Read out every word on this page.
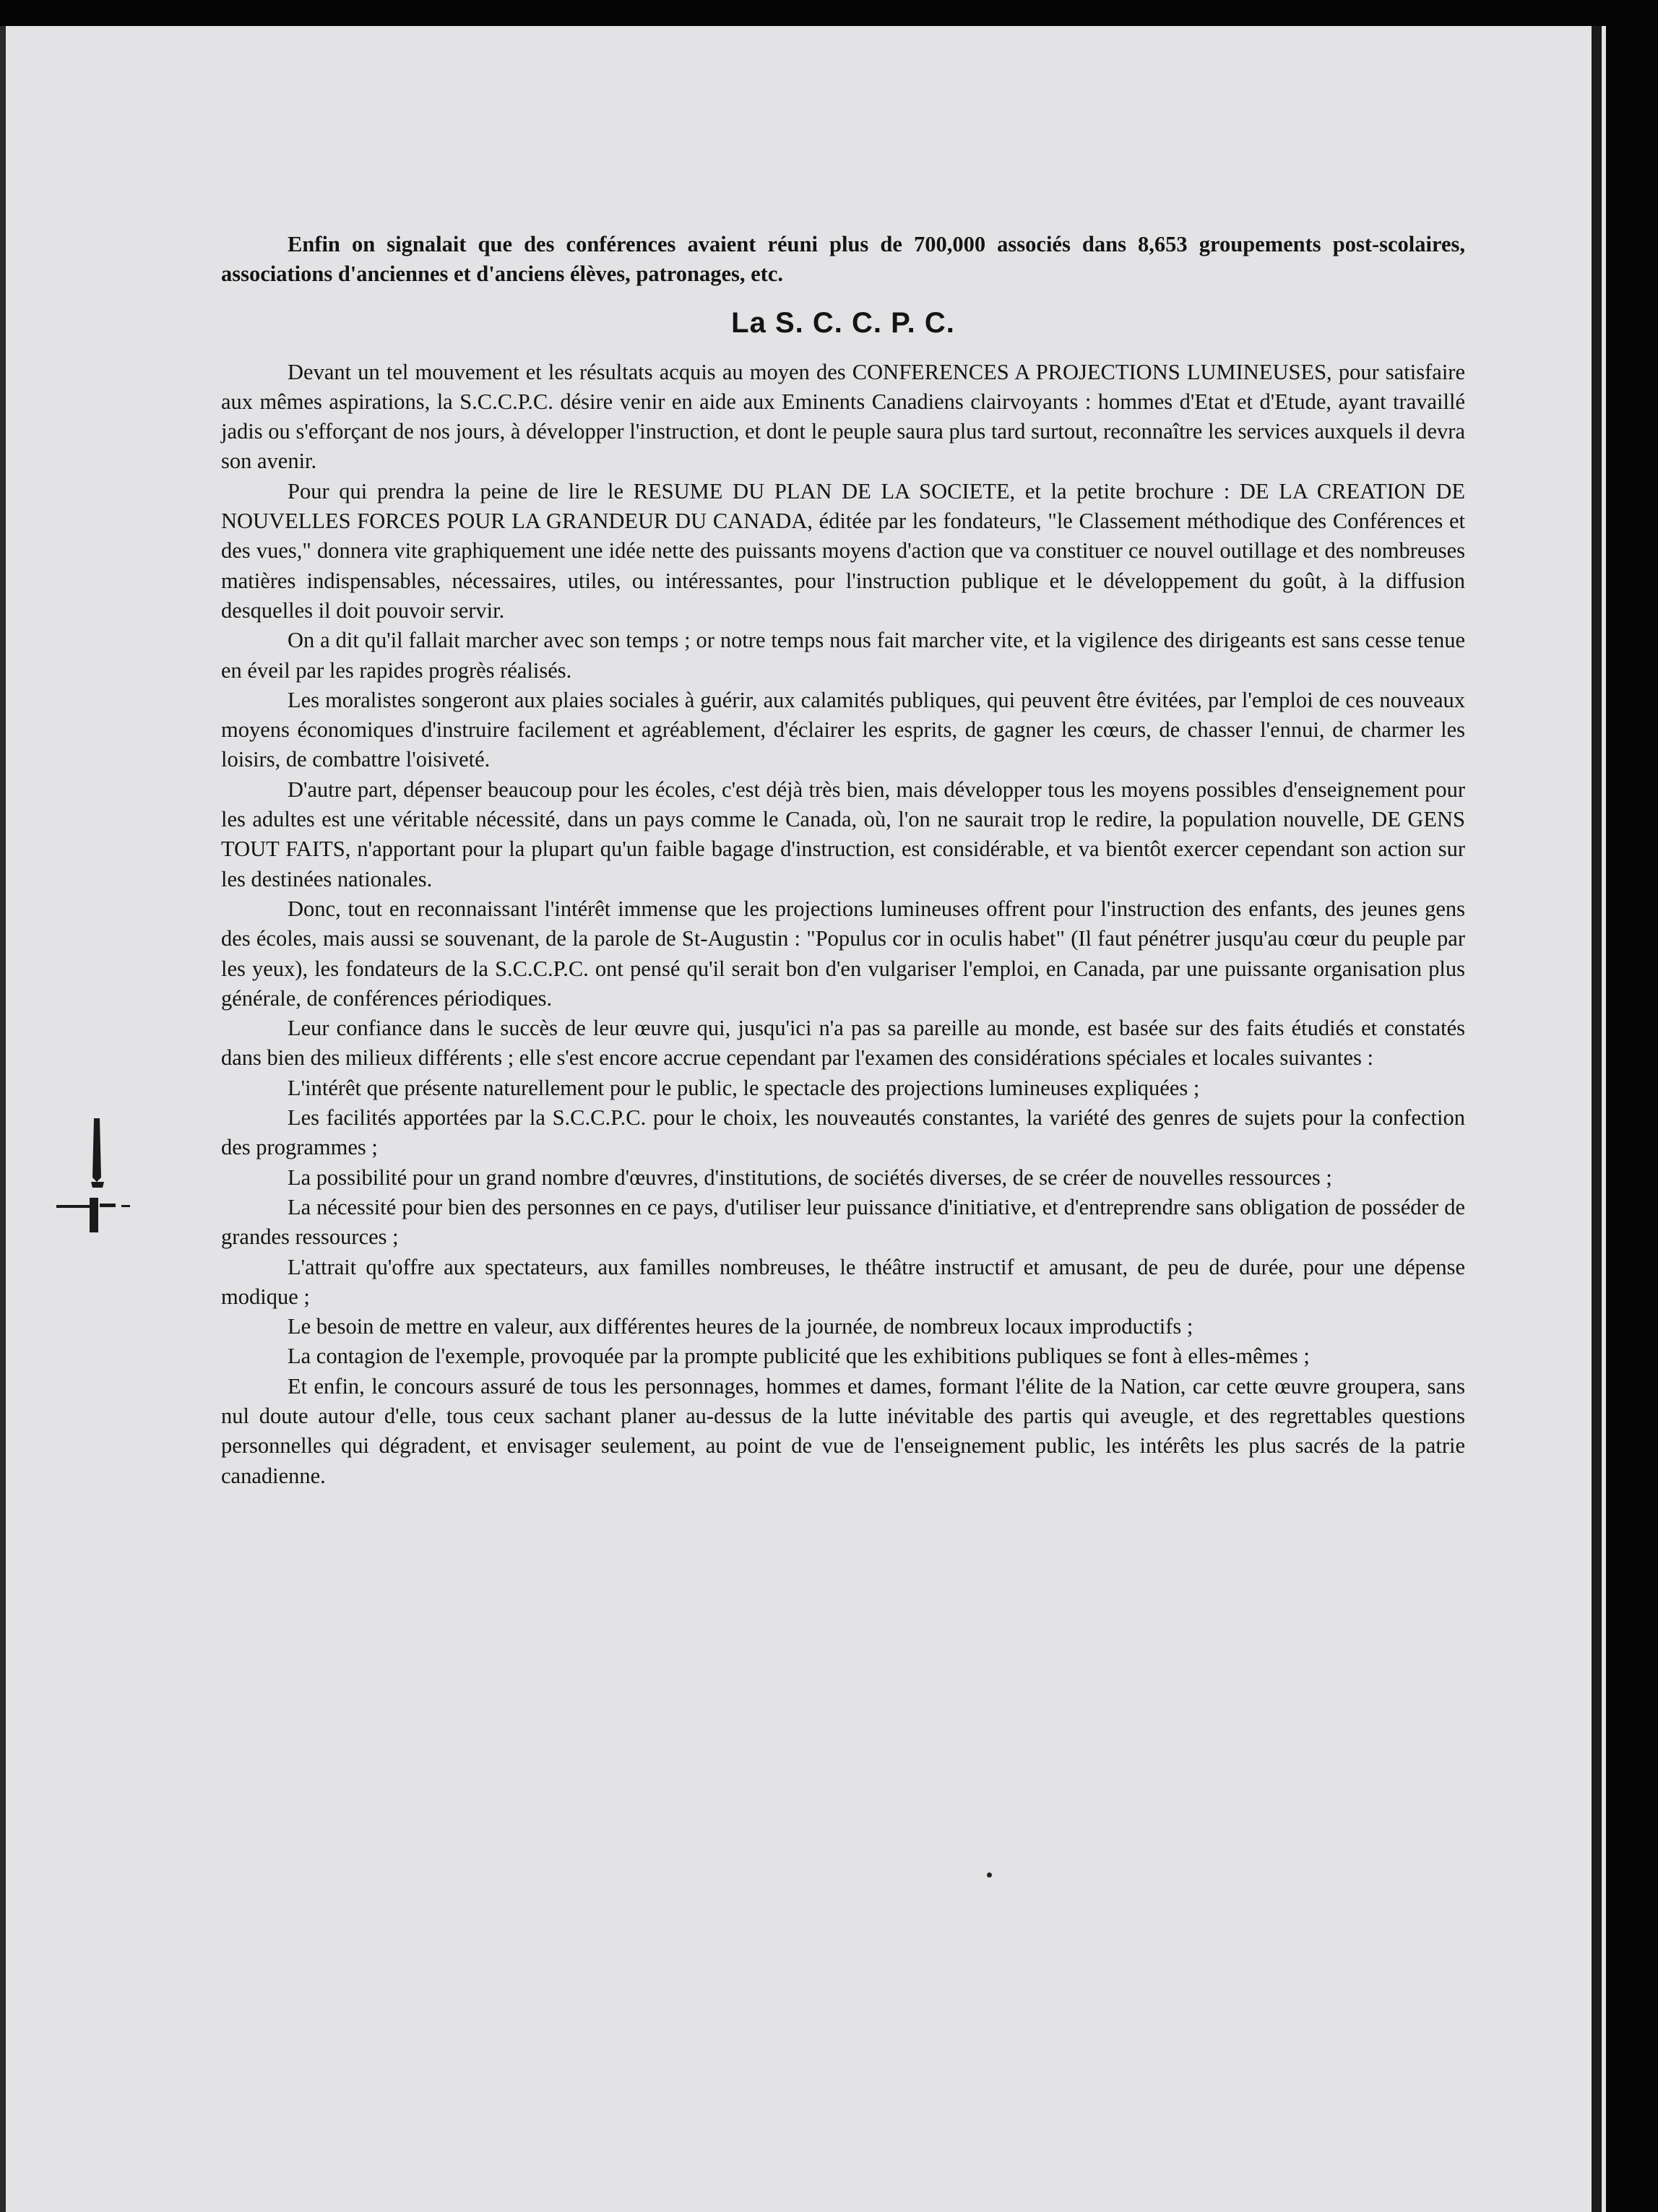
Enfin on signalait que des conférences avaient réuni plus de 700,000 associés dans 8,653 groupements post-scolaires, associations d'anciennes et d'anciens élèves, patronages, etc.

La S. C. C. P. C.

Devant un tel mouvement et les résultats acquis au moyen des CONFERENCES A PROJECTIONS LUMINEUSES, pour satisfaire aux mêmes aspirations, la S.C.C.P.C. désire venir en aide aux Eminents Canadiens clairvoyants : hommes d'Etat et d'Etude, ayant travaillé jadis ou s'efforçant de nos jours, à développer l'instruction, et dont le peuple saura plus tard surtout, reconnaître les services auxquels il devra son avenir.

Pour qui prendra la peine de lire le RESUME DU PLAN DE LA SOCIETE, et la petite brochure : DE LA CREATION DE NOUVELLES FORCES POUR LA GRANDEUR DU CANADA, éditée par les fondateurs, "le Classement méthodique des Conférences et des vues," donnera vite graphiquement une idée nette des puissants moyens d'action que va constituer ce nouvel outillage et des nombreuses matières indispensables, nécessaires, utiles, ou intéressantes, pour l'instruction publique et le développement du goût, à la diffusion desquelles il doit pouvoir servir.

On a dit qu'il fallait marcher avec son temps ; or notre temps nous fait marcher vite, et la vigilence des dirigeants est sans cesse tenue en éveil par les rapides progrès réalisés.

Les moralistes songeront aux plaies sociales à guérir, aux calamités publiques, qui peuvent être évitées, par l'emploi de ces nouveaux moyens économiques d'instruire facilement et agréablement, d'éclairer les esprits, de gagner les cœurs, de chasser l'ennui, de charmer les loisirs, de combattre l'oisiveté.

D'autre part, dépenser beaucoup pour les écoles, c'est déjà très bien, mais développer tous les moyens possibles d'enseignement pour les adultes est une véritable nécessité, dans un pays comme le Canada, où, l'on ne saurait trop le redire, la population nouvelle, DE GENS TOUT FAITS, n'apportant pour la plupart qu'un faible bagage d'instruction, est considérable, et va bientôt exercer cependant son action sur les destinées nationales.

Donc, tout en reconnaissant l'intérêt immense que les projections lumineuses offrent pour l'instruction des enfants, des jeunes gens des écoles, mais aussi se souvenant, de la parole de St-Augustin : "Populus cor in oculis habet" (Il faut pénétrer jusqu'au cœur du peuple par les yeux), les fondateurs de la S.C.C.P.C. ont pensé qu'il serait bon d'en vulgariser l'emploi, en Canada, par une puissante organisation plus générale, de conférences périodiques.

Leur confiance dans le succès de leur œuvre qui, jusqu'ici n'a pas sa pareille au monde, est basée sur des faits étudiés et constatés dans bien des milieux différents ; elle s'est encore accrue cependant par l'examen des considérations spéciales et locales suivantes :

L'intérêt que présente naturellement pour le public, le spectacle des projections lumineuses expliquées ;

Les facilités apportées par la S.C.C.P.C. pour le choix, les nouveautés constantes, la variété des genres de sujets pour la confection des programmes ;

La possibilité pour un grand nombre d'œuvres, d'institutions, de sociétés diverses, de se créer de nouvelles ressources ;

La nécessité pour bien des personnes en ce pays, d'utiliser leur puissance d'initiative, et d'entreprendre sans obligation de posséder de grandes ressources ;

L'attrait qu'offre aux spectateurs, aux familles nombreuses, le théâtre instructif et amusant, de peu de durée, pour une dépense modique ;

Le besoin de mettre en valeur, aux différentes heures de la journée, de nombreux locaux improductifs ;

La contagion de l'exemple, provoquée par la prompte publicité que les exhibitions publiques se font à elles-mêmes ;

Et enfin, le concours assuré de tous les personnages, hommes et dames, formant l'élite de la Nation, car cette œuvre groupera, sans nul doute autour d'elle, tous ceux sachant planer au-dessus de la lutte inévitable des partis qui aveugle, et des regrettables questions personnelles qui dégradent, et envisager seulement, au point de vue de l'enseignement public, les intérêts les plus sacrés de la patrie canadienne.
